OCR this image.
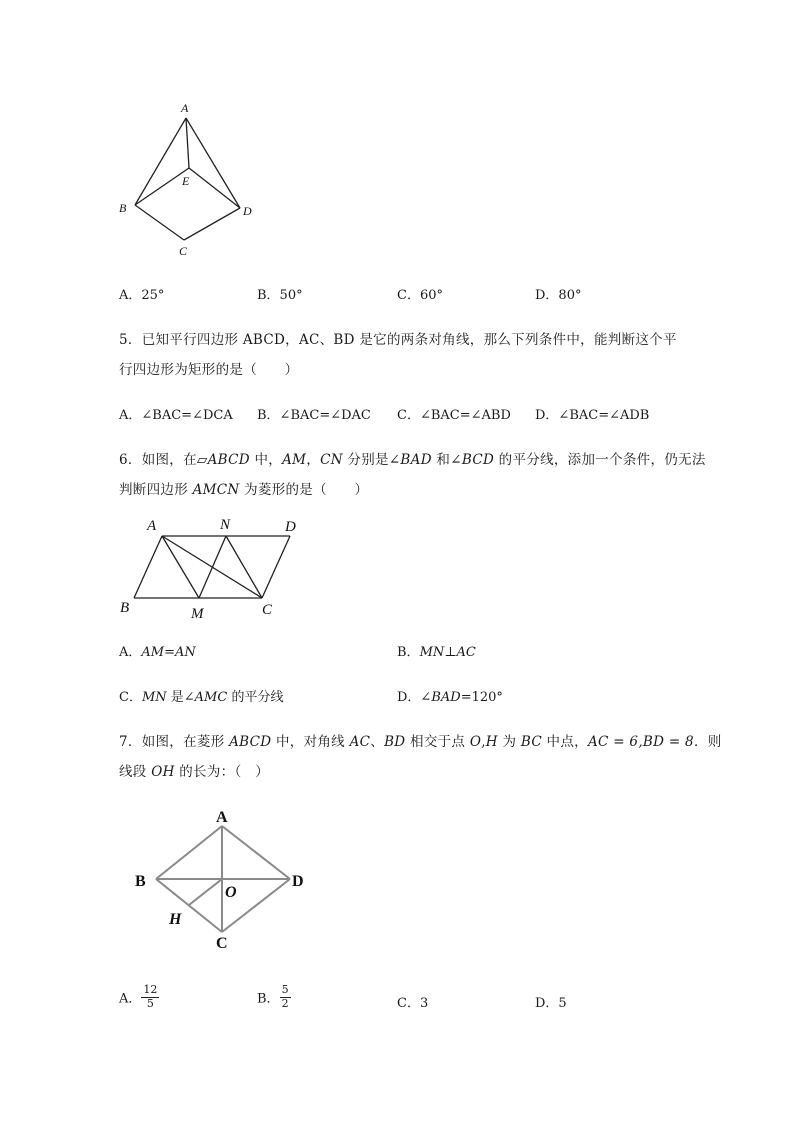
A
E
B	D
C
A．25°	B．50°	C．60°	D．80°
5．已知平行四边形 ABCD，AC、BD 是它的两条对角线，那么下列条件中，能判断这个平
行四边形为矩形的是（　　）
A．∠BAC=∠DCA B．∠BAC=∠DAC C．∠BAC=∠ABD D．∠BAC=∠ADB
6．如图，在▱ABCD 中，AM，CN 分别是∠BAD 和∠BCD 的平分线，添加一个条件，仍无法
判断四边形 AMCN 为菱形的是（　　）
A	N	D
B	M	C
A．AM=AN	B．MN⊥AC
C．MN 是∠AMC 的平分线	D．∠BAD=120°
7．如图，在菱形 ABCD 中，对角线 AC、BD 相交于点 O,H 为 BC 中点，AC = 6,BD = 8．则
线段 OH 的长为：（　）
A
B	D
O
H
C
A． $\frac{12}{5}$	B． $\frac{5}{2}$	C．3	D．5
